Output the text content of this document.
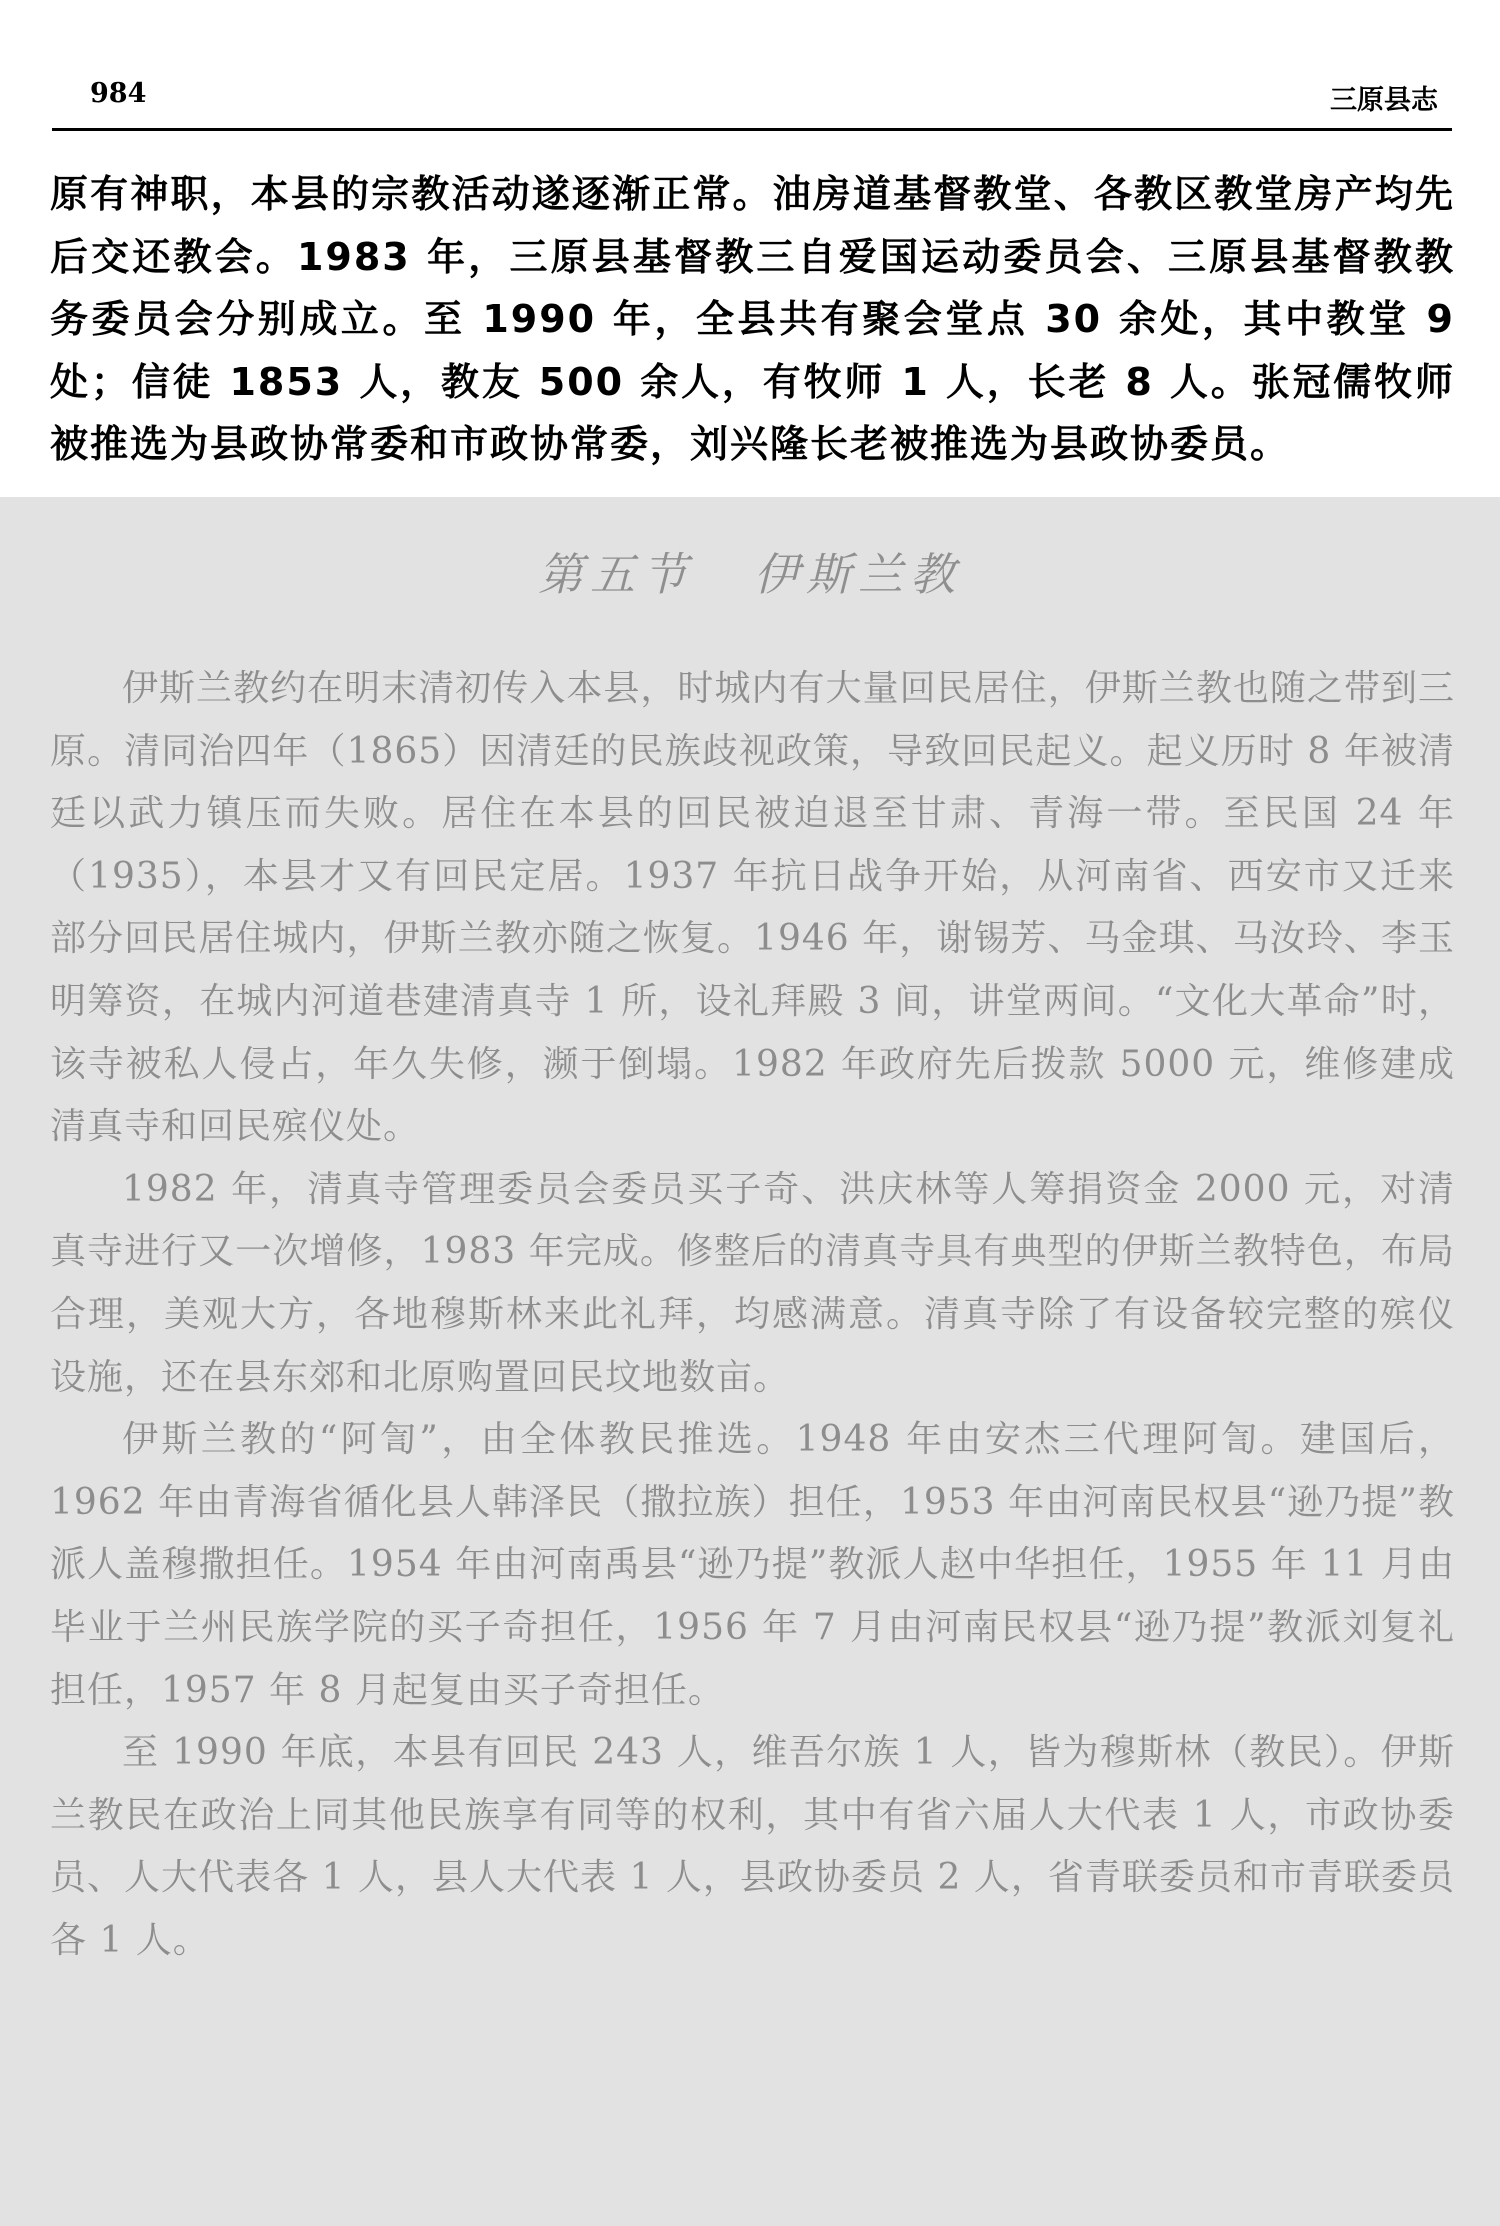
984	三原县志
原有神职，本县的宗教活动遂逐渐正常。油房道基督教堂、各教区教堂房产均先后交还教会。1983 年，三原县基督教三自爱国运动委员会、三原县基督教教务委员会分别成立。至 1990 年，全县共有聚会堂点 30 余处，其中教堂 9 处；信徒 1853 人，教友 500 余人，有牧师 1 人，长老 8 人。张冠儒牧师被推选为县政协常委和市政协常委，刘兴隆长老被推选为县政协委员。
第五节 伊斯兰教

伊斯兰教约在明末清初传入本县，时城内有大量回民居住，伊斯兰教也随之带到三原。清同治四年（1865）因清廷的民族歧视政策，导致回民起义。起义历时 8 年被清廷以武力镇压而失败。居住在本县的回民被迫退至甘肃、青海一带。至民国 24 年（1935），本县才又有回民定居。1937 年抗日战争开始，从河南省、西安市又迁来部分回民居住城内，伊斯兰教亦随之恢复。1946 年，谢锡芳、马金琪、马汝玲、李玉明筹资，在城内河道巷建清真寺 1 所，设礼拜殿 3 间，讲堂两间。“文化大革命”时，该寺被私人侵占，年久失修，濒于倒塌。1982 年政府先后拨款 5000 元，维修建成清真寺和回民殡仪处。

1982 年，清真寺管理委员会委员买子奇、洪庆林等人筹捐资金 2000 元，对清真寺进行又一次增修，1983 年完成。修整后的清真寺具有典型的伊斯兰教特色，布局合理，美观大方，各地穆斯林来此礼拜，均感满意。清真寺除了有设备较完整的殡仪设施，还在县东郊和北原购置回民坟地数亩。

伊斯兰教的“阿訇”，由全体教民推选。1948 年由安杰三代理阿訇。建国后，1962 年由青海省循化县人韩泽民（撒拉族）担任，1953 年由河南民权县“逊乃提”教派人盖穆撒担任。1954 年由河南禹县“逊乃提”教派人赵中华担任，1955 年 11 月由毕业于兰州民族学院的买子奇担任，1956 年 7 月由河南民权县“逊乃提”教派刘复礼担任，1957 年 8 月起复由买子奇担任。

至 1990 年底，本县有回民 243 人，维吾尔族 1 人，皆为穆斯林（教民）。伊斯兰教民在政治上同其他民族享有同等的权利，其中有省六届人大代表 1 人，市政协委员、人大代表各 1 人，县人大代表 1 人，县政协委员 2 人，省青联委员和市青联委员各 1 人。
